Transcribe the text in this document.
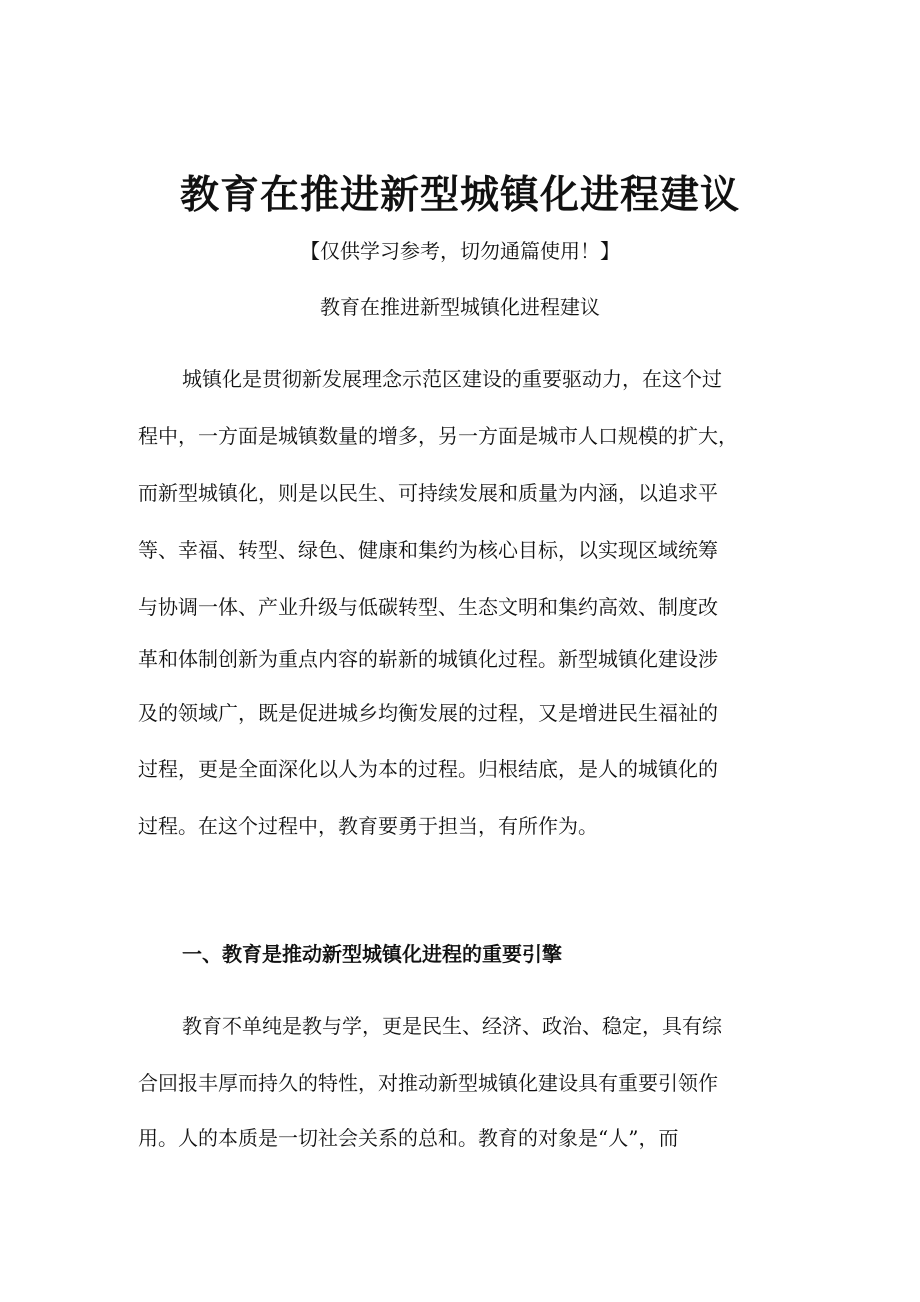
教育在推进新型城镇化进程建议
【仅供学习参考，切勿通篇使用！】
教育在推进新型城镇化进程建议
城镇化是贯彻新发展理念示范区建设的重要驱动力，在这个过
程中，一方面是城镇数量的增多，另一方面是城市人口规模的扩大，
而新型城镇化，则是以民生、可持续发展和质量为内涵，以追求平
等、幸福、转型、绿色、健康和集约为核心目标，以实现区域统筹
与协调一体、产业升级与低碳转型、生态文明和集约高效、制度改
革和体制创新为重点内容的崭新的城镇化过程。新型城镇化建设涉
及的领域广，既是促进城乡均衡发展的过程，又是增进民生福祉的
过程，更是全面深化以人为本的过程。归根结底，是人的城镇化的
过程。在这个过程中，教育要勇于担当，有所作为。
一、教育是推动新型城镇化进程的重要引擎
教育不单纯是教与学，更是民生、经济、政治、稳定，具有综
合回报丰厚而持久的特性，对推动新型城镇化建设具有重要引领作
用。人的本质是一切社会关系的总和。教育的对象是“人”，而
